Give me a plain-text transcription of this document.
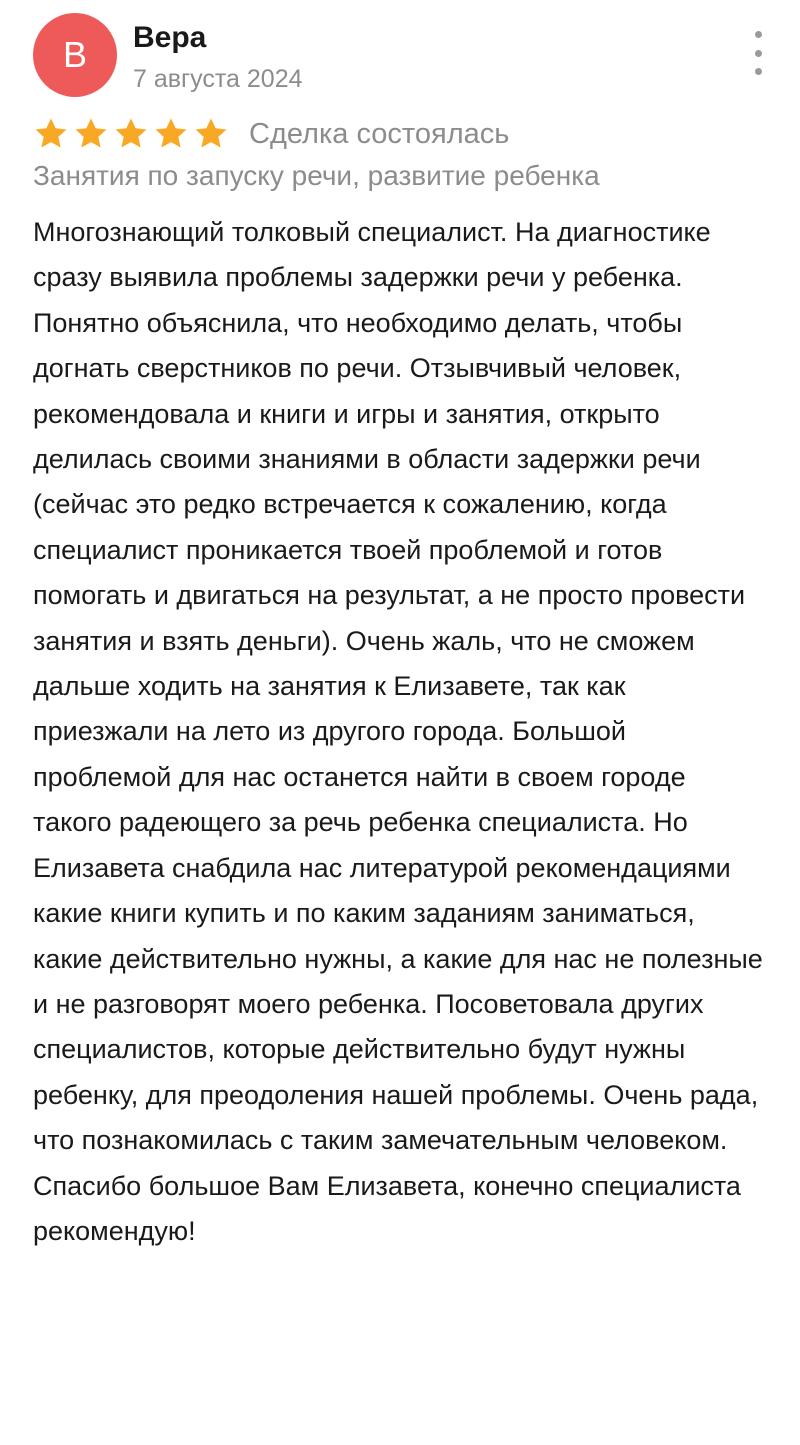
В Вера
7 августа 2024
Сделка состоялась
Занятия по запуску речи, развитие ребенка

Многознающий толковый специалист. На диагностике сразу выявила проблемы задержки речи у ребенка. Понятно объяснила, что необходимо делать, чтобы догнать сверстников по речи. Отзывчивый человек, рекомендовала и книги и игры и занятия, открыто делилась своими знаниями в области задержки речи (сейчас это редко встречается к сожалению, когда специалист проникается твоей проблемой и готов помогать и двигаться на результат, а не просто провести занятия и взять деньги). Очень жаль, что не сможем дальше ходить на занятия к Елизавете, так как приезжали на лето из другого города. Большой проблемой для нас останется найти в своем городе такого радеющего за речь ребенка специалиста. Но Елизавета снабдила нас литературой рекомендациями какие книги купить и по каким заданиям заниматься, какие действительно нужны, а какие для нас не полезные и не разговорят моего ребенка. Посоветовала других специалистов, которые действительно будут нужны ребенку, для преодоления нашей проблемы. Очень рада, что познакомилась с таким замечательным человеком. Спасибо большое Вам Елизавета, конечно специалиста рекомендую!
